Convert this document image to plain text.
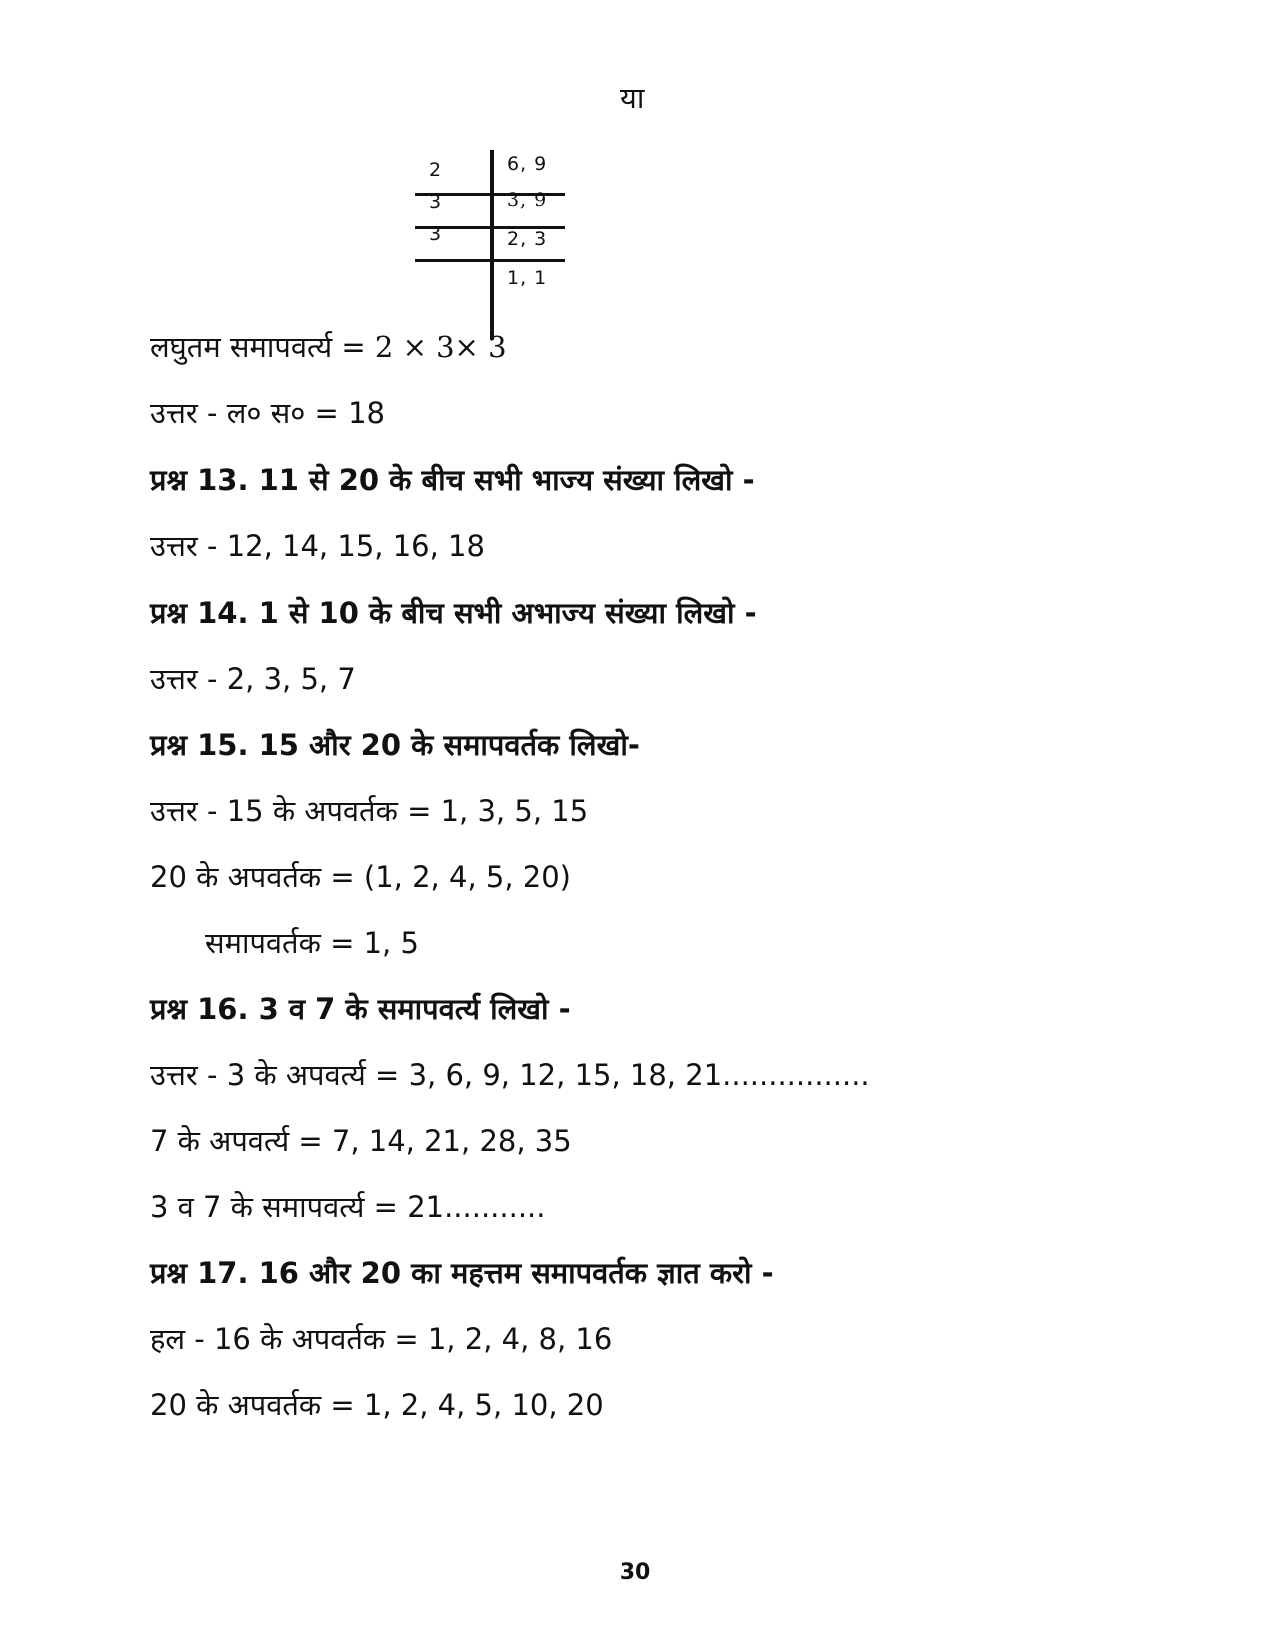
या
2
3
3
6, 9
3, 9
2, 3
1, 1
लघुतम समापवर्त्य = 2 × 3× 3
उत्तर - ल० स० = 18
प्रश्न 13. 11 से 20 के बीच सभी भाज्य संख्या लिखो -
उत्तर - 12, 14, 15, 16, 18
प्रश्न 14. 1 से 10 के बीच सभी अभाज्य संख्या लिखो -
उत्तर - 2, 3, 5, 7
प्रश्न 15. 15 और 20 के समापवर्तक लिखो-
उत्तर - 15 के अपवर्तक = 1, 3, 5, 15
20 के अपवर्तक = (1, 2, 4, 5, 20)
समापवर्तक = 1, 5
प्रश्न 16. 3 व 7 के समापवर्त्य लिखो -
उत्तर - 3 के अपवर्त्य = 3, 6, 9, 12, 15, 18, 21................
7 के अपवर्त्य = 7, 14, 21, 28, 35
3 व 7 के समापवर्त्य = 21...........
प्रश्न 17. 16 और 20 का महत्तम समापवर्तक ज्ञात करो -
हल - 16 के अपवर्तक = 1, 2, 4, 8, 16
20 के अपवर्तक = 1, 2, 4, 5, 10, 20
30
